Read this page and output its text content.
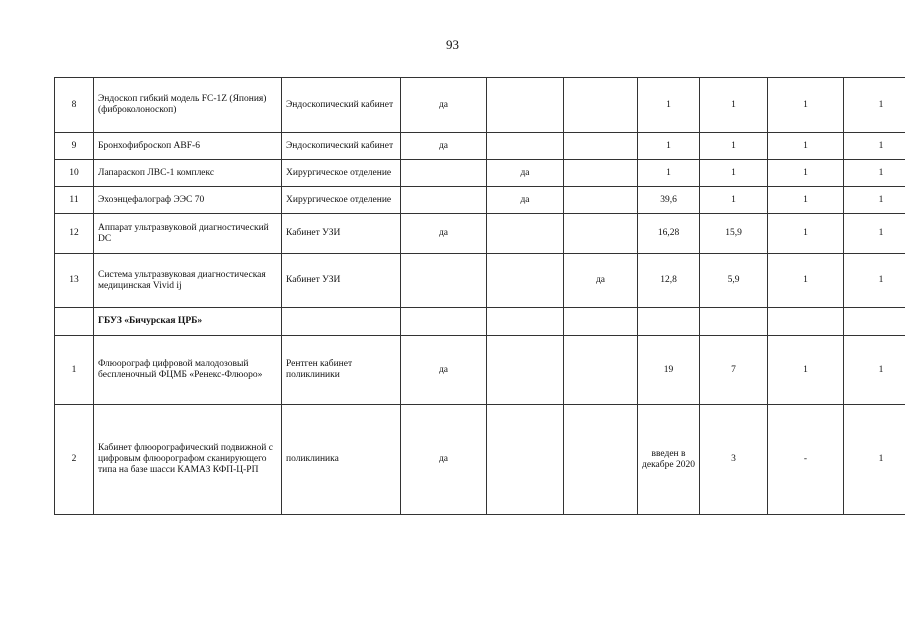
93
8	Эндоскоп гибкий модель FC-1Z (Япония) (фиброколоноскоп)	Эндоскопический кабинет	да			1	1	1	1
9	Бронхофиброскоп ABF-6	Эндоскопический кабинет	да			1	1	1	1
10	Лапараскоп ЛВС-1 комплекс	Хирургическое отделение		да		1	1	1	1
11	Эхоэнцефалограф ЭЭС 70	Хирургическое отделение		да		39,6	1	1	1
12	Аппарат ультразвуковой диагностический DC	Кабинет УЗИ	да			16,28	15,9	1	1
13	Система ультразвуковая диагностическая медицинская Vivid ij	Кабинет УЗИ			да	12,8	5,9	1	1
	ГБУЗ «Бичурская ЦРБ»								
1	Флюорограф цифровой малодозовый беспленочный ФЦМБ «Ренекс-Флюоро»	Рентген кабинет поликлиники	да			19	7	1	1
2	Кабинет флюорографический подвижной с цифровым флюорографом сканирующего типа на базе шасси КАМАЗ КФП-Ц-РП	поликлиника	да			введен в декабре 2020	3	-	1
